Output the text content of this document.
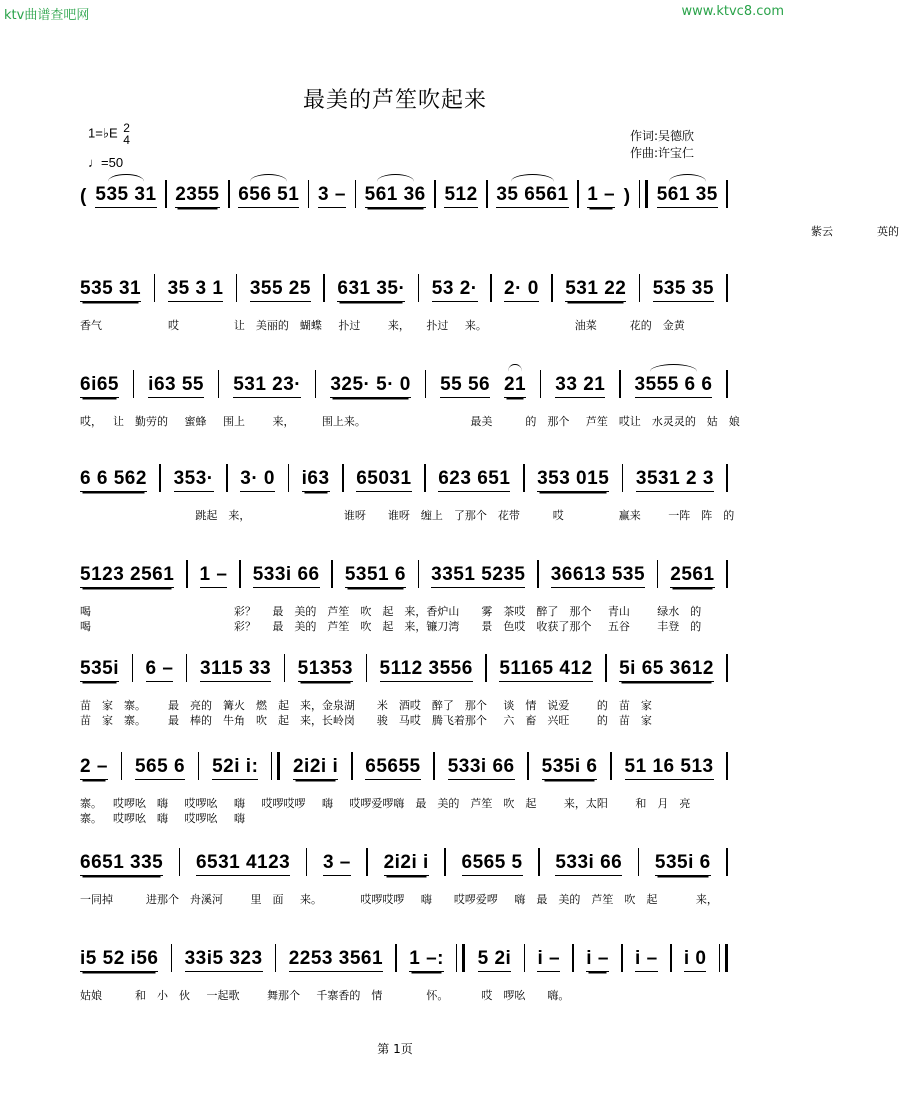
ktv曲谱查吧网	www.ktvc8.com
最美的芦笙吹起来
1=♭E 2
4
♩=50
作词:吴德欣
作曲:许宝仁
( 535 31 2355 656 51 3 – 561 36 512 35 6561 1 – ) 561 35
紫云        英的
535 31 35 3 1 355 25 631 35· 53 2· 2· 0 531 22 535 35
香气            哎          让  美丽的  蝴蝶   扑过     来，   扑过   来。                油菜      花的  金黄
6i65 i63 55 531 23· 325· 5· 0 55 56 21 33 21 3555 6 6
哎，  让  勤劳的   蜜蜂   围上     来，     围上来。                   最美      的  那个   芦笙  哎让  水灵灵的  姑  娘
6 6 562 353· 3· 0 i63 65031 623 651 353 015 3531 2 3
跳起  来，                 谁呀    谁呀  缠上  了那个  花带      哎          赢来     一阵  阵  的
5123 2561 1 – 533i 66 5351 6 3351 5235 36613 535 2561
喝                          彩？   最  美的  芦笙  吹  起  来，香炉山    雾  茶哎  醉了  那个   青山     绿水  的
喝                          彩？   最  美的  芦笙  吹  起  来，镰刀湾    景  色哎  收获了那个   五谷     丰登  的
535i 6 – 3115 33 51353 5112 3556 51165 412 5i 65 3612
苗  家  寨。    最  亮的  篝火  燃  起  来，金泉湖    米  酒哎  醉了  那个   谈  情  说爱     的  苗  家
苗  家  寨。    最  棒的  牛角  吹  起  来，长岭岗    骏  马哎  腾飞着那个   六  畜  兴旺     的  苗  家
2 – 565 6 52i i: 2i2i i 65655 533i 66 535i 6 51 16 513
寨。  哎啰吆  嗨   哎啰吆   嗨   哎啰哎啰   嗨   哎啰爱啰嗨  最  美的  芦笙  吹  起     来，太阳     和  月  亮
寨。  哎啰吆  嗨   哎啰吆   嗨
6651 335 6531 4123 3 – 2i2i i 6565 5 533i 66 535i 6
一同掉      进那个  舟溪河     里  面   来。       哎啰哎啰   嗨    哎啰爱啰   嗨  最  美的  芦笙  吹  起       来，
i5 52 i56 33i5 323 2253 3561 1 –: 5 2i i – i – i – i 0
姑娘      和  小  伙   一起歌     舞那个   千寨香的  情        怀。      哎  啰吆    嗨。
第 1页
